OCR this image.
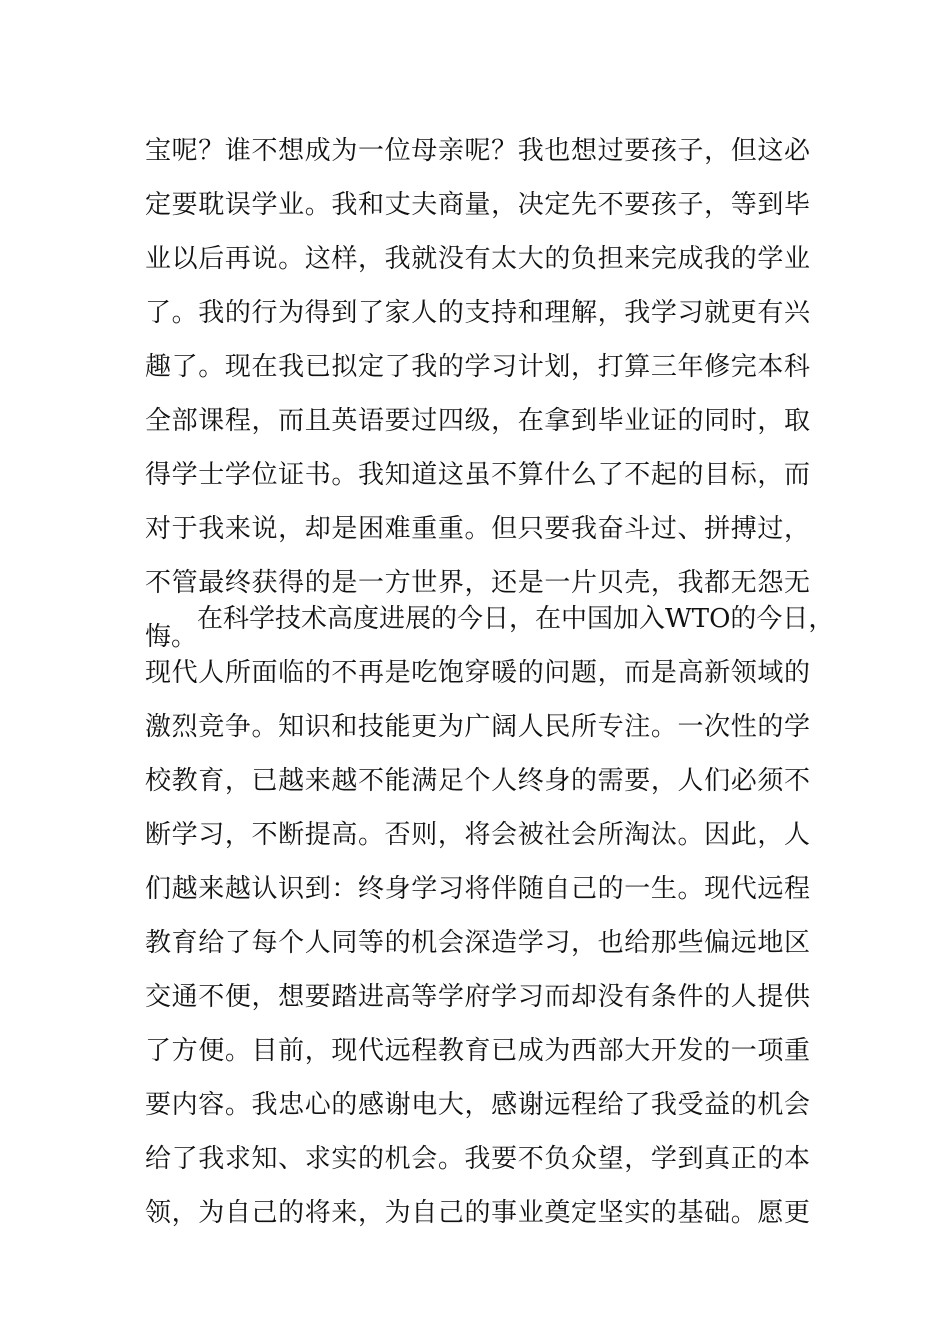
宝呢？谁不想成为一位母亲呢？我也想过要孩子，但这必
定要耽误学业。我和丈夫商量，决定先不要孩子，等到毕
业以后再说。这样，我就没有太大的负担来完成我的学业
了。我的行为得到了家人的支持和理解，我学习就更有兴
趣了。现在我已拟定了我的学习计划，打算三年修完本科
全部课程，而且英语要过四级，在拿到毕业证的同时，取
得学士学位证书。我知道这虽不算什么了不起的目标，而
对于我来说，却是困难重重。但只要我奋斗过、拼搏过，
不管最终获得的是一方世界，还是一片贝壳，我都无怨无
悔。
在科学技术高度进展的今日，在中国加入WTO的今日，
现代人所面临的不再是吃饱穿暖的问题，而是高新领域的
激烈竞争。知识和技能更为广阔人民所专注。一次性的学
校教育，已越来越不能满足个人终身的需要，人们必须不
断学习，不断提高。否则，将会被社会所淘汰。因此，人
们越来越认识到：终身学习将伴随自己的一生。现代远程
教育给了每个人同等的机会深造学习，也给那些偏远地区
交通不便，想要踏进高等学府学习而却没有条件的人提供
了方便。目前，现代远程教育已成为西部大开发的一项重
要内容。我忠心的感谢电大，感谢远程给了我受益的机会
给了我求知、求实的机会。我要不负众望，学到真正的本
领，为自己的将来，为自己的事业奠定坚实的基础。愿更
